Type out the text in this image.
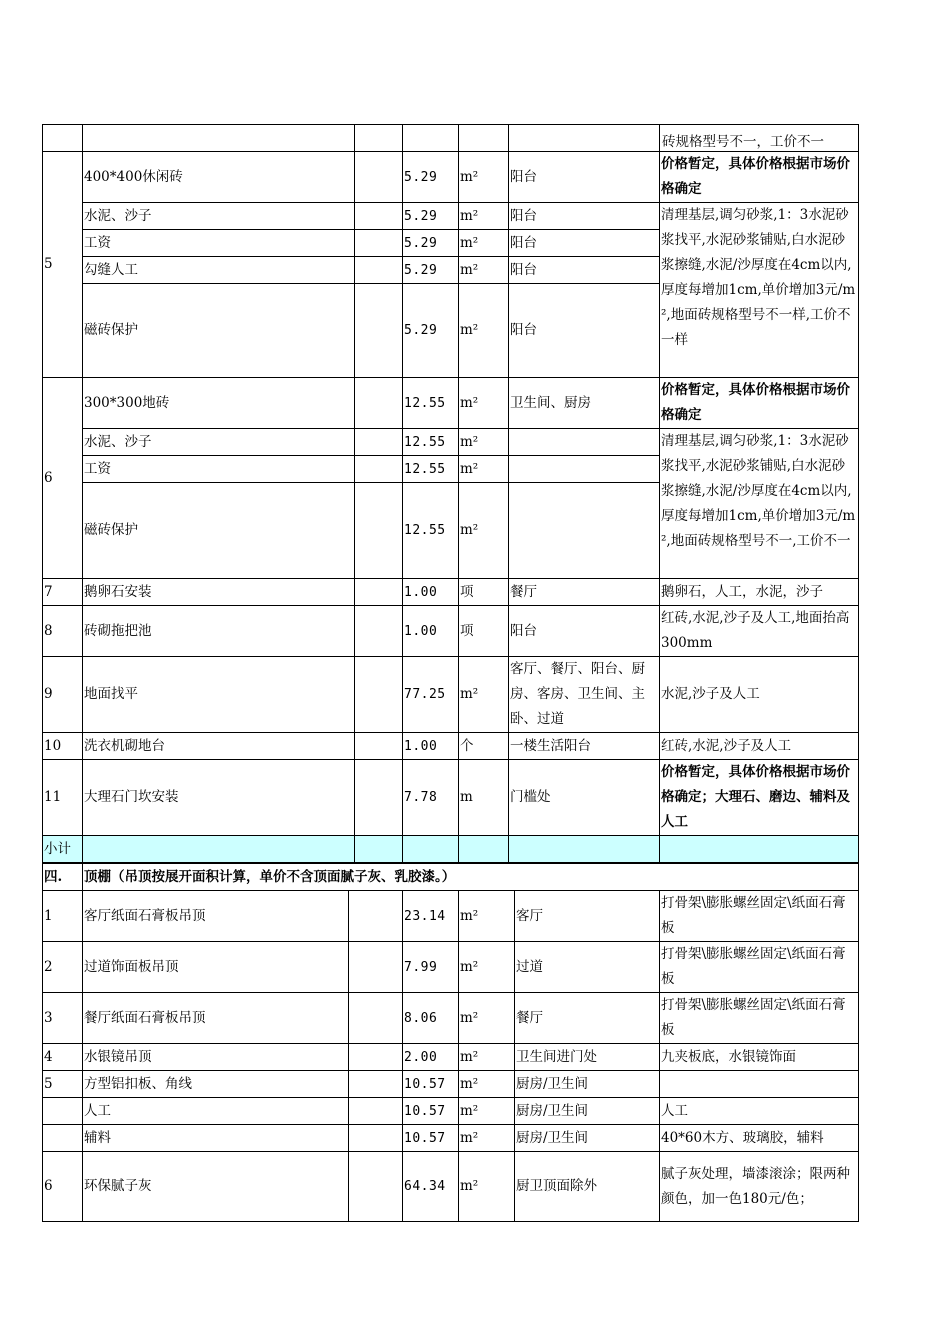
						砖规格型号不一，工价不一

5	400*400休闲砖		5.29	m²	阳台	价格暂定，具体价格根据市场价格确定
	水泥、沙子		5.29	m²	阳台	清理基层,调匀砂浆,1：3水泥砂浆找平,水泥砂浆铺贴,白水泥砂浆擦缝,水泥/沙厚度在4cm以内,厚度每增加1cm,单价增加3元/m²,地面砖规格型号不一样,工价不一样
	工资		5.29	m²	阳台	
	勾缝人工		5.29	m²	阳台	
	磁砖保护		5.29	m²	阳台	
6	300*300地砖		12.55	m²	卫生间、厨房	价格暂定，具体价格根据市场价格确定
	水泥、沙子		12.55	m²		清理基层,调匀砂浆,1：3水泥砂浆找平,水泥砂浆铺贴,白水泥砂浆擦缝,水泥/沙厚度在4cm以内,厚度每增加1cm,单价增加3元/m²,地面砖规格型号不一,工价不一
	工资		12.55	m²		
	磁砖保护		12.55	m²		
7	鹅卵石安装		1.00	项	餐厅	鹅卵石，人工，水泥，沙子
8	砖砌拖把池		1.00	项	阳台	红砖,水泥,沙子及人工,地面抬高300mm
9	地面找平		77.25	m²	客厅、餐厅、阳台、厨房、客房、卫生间、主卧、过道	水泥,沙子及人工
10	洗衣机砌地台		1.00	个	一楼生活阳台	红砖,水泥,沙子及人工
11	大理石门坎安装		7.78	m	门槛处	价格暂定，具体价格根据市场价格确定；大理石、磨边、辅料及人工
小计						
四.	顶棚（吊顶按展开面积计算，单价不含顶面腻子灰、乳胶漆。）					
1	客厅纸面石膏板吊顶		23.14	m²	客厅	打骨架\膨胀螺丝固定\纸面石膏板
2	过道饰面板吊顶		7.99	m²	过道	打骨架\膨胀螺丝固定\纸面石膏板
3	餐厅纸面石膏板吊顶		8.06	m²	餐厅	打骨架\膨胀螺丝固定\纸面石膏板
4	水银镜吊顶		2.00	m²	卫生间进门处	九夹板底，水银镜饰面
5	方型铝扣板、角线		10.57	m²	厨房/卫生间	
	人工		10.57	m²	厨房/卫生间	人工
	辅料		10.57	m²	厨房/卫生间	40*60木方、玻璃胶，辅料
6	环保腻子灰		64.34	m²	厨卫顶面除外	腻子灰处理，墙漆滚涂；限两种颜色，加一色180元/色；
